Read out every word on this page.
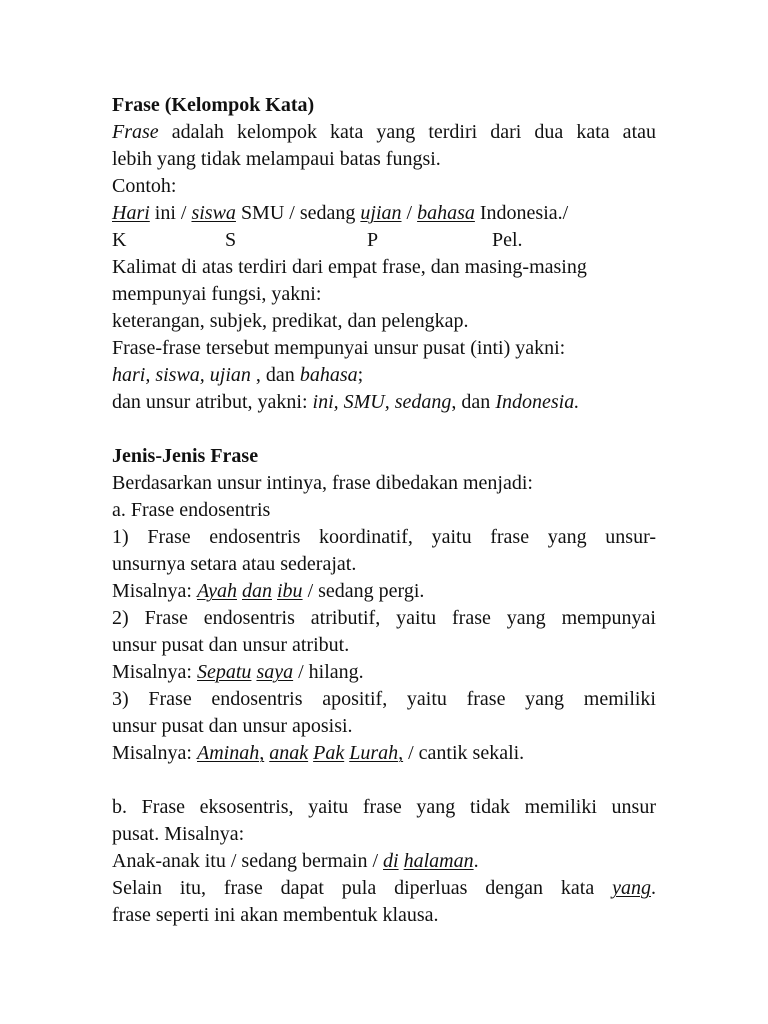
Frase (Kelompok Kata)
Frase adalah kelompok kata yang terdiri dari dua kata atau
lebih yang tidak melampaui batas fungsi.
Contoh:
Hari ini / siswa SMU / sedang ujian / bahasa Indonesia./
K	S	P	Pel.
Kalimat di atas terdiri dari empat frase, dan masing-masing
mempunyai fungsi, yakni:
keterangan, subjek, predikat, dan pelengkap.
Frase-frase tersebut mempunyai unsur pusat (inti) yakni:
hari, siswa, ujian , dan bahasa;
dan unsur atribut, yakni: ini, SMU, sedang, dan Indonesia.
Jenis-Jenis Frase
Berdasarkan unsur intinya, frase dibedakan menjadi:
a. Frase endosentris
1) Frase endosentris koordinatif, yaitu frase yang unsur-
unsurnya setara atau sederajat.
Misalnya: Ayah dan ibu / sedang pergi.
2) Frase endosentris atributif, yaitu frase yang mempunyai
unsur pusat dan unsur atribut.
Misalnya: Sepatu saya / hilang.
3) Frase endosentris apositif, yaitu frase yang memiliki
unsur pusat dan unsur aposisi.
Misalnya: Aminah, anak Pak Lurah, / cantik sekali.
b. Frase eksosentris, yaitu frase yang tidak memiliki unsur
pusat. Misalnya:
Anak-anak itu / sedang bermain / di halaman.
Selain itu, frase dapat pula diperluas dengan kata yang.
frase seperti ini akan membentuk klausa.
